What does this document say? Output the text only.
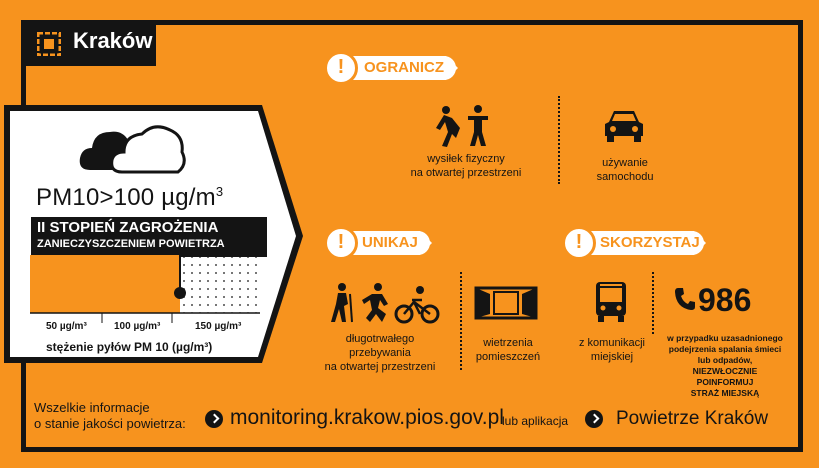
Kraków
PM10>100 $\mu g/m^3$
II STOPIEŃ ZAGROŻENIA
ZANIECZYSZCZENIEM POWIETRZA
50 µg/m³	100 µg/m³	150 µg/m³
stężenie pyłów PM 10 (µg/m³)
OGRANICZ
!
wysiłek fizyczny
na otwartej przestrzeni
używanie
samochodu
UNIKAJ
!
długotrwałego
przebywania
na otwartej przestrzeni
wietrzenia
pomieszczeń
SKORZYSTAJ
!
z komunikacji
miejskiej
986
w przypadku uzasadnionego
podejrzenia spalania śmieci
lub odpadów,
NIEZWŁOCZNIE
POINFORMUJ
STRAŻ MIEJSKĄ
Wszelkie informacje
o stanie jakości powietrza: monitoring.krakow.pios.gov.pl
lub aplikacja	Powietrze Kraków
